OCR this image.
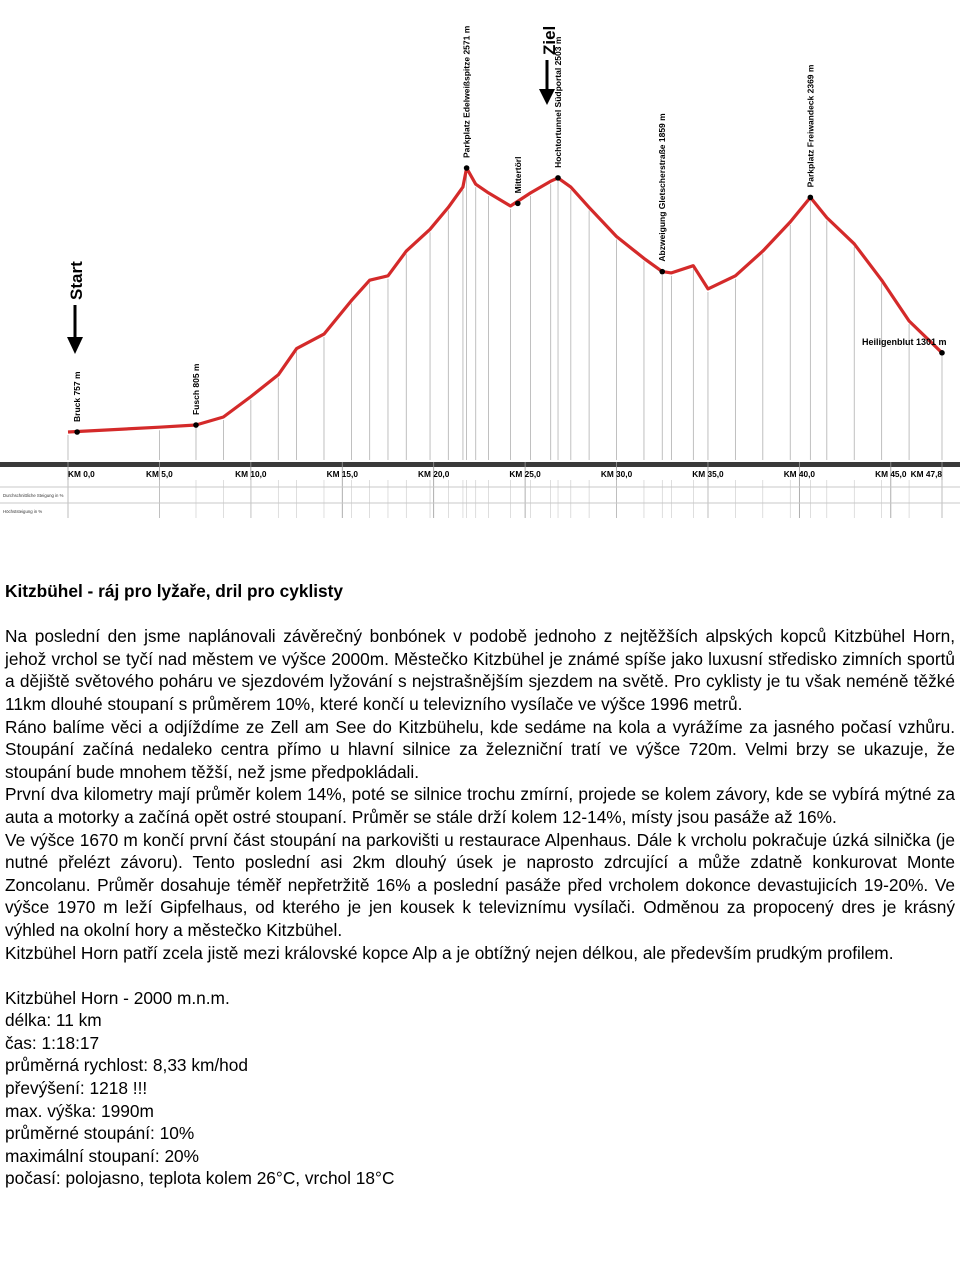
Bruck 757 m	Fusch 805 m
Parkplatz Edelweißspitze 2571 m
Mittertörl
Hochtortunnel Südportal 2503 m
Abzweigung Gletscherstraße 1859 m	Parkplatz Freiwandeck 2369 m
Heiligenblut 1301 m
Start
Ziel
KM 0,0	KM 5,0	KM 10,0	KM 15,0	KM 20,0	KM 25,0	KM 30,0	KM 35,0	KM 40,0	KM 45,0 KM 47,8
Durchschnittliche Steigung in %
Höchststeigung in %
Kitzbühel - ráj pro lyžaře, dril pro cyklisty

Na poslední den jsme naplánovali závěrečný bonbónek v podobě jednoho z nejtěžších alpských kopců Kitzbühel Horn, jehož vrchol se tyčí nad městem ve výšce 2000m. Městečko Kitzbühel je známé spíše jako luxusní středisko zimních sportů a dějiště světového poháru ve sjezdovém lyžování s nejstrašnějším sjezdem na světě. Pro cyklisty je tu však neméně těžké 11km dlouhé stoupaní s průměrem 10%, které končí u televizního vysílače ve výšce 1996 metrů.

Ráno balíme věci a odjíždíme ze Zell am See do Kitzbühelu, kde sedáme na kola a vyrážíme za jasného počasí vzhůru. Stoupání začíná nedaleko centra přímo u hlavní silnice za železniční tratí ve výšce 720m. Velmi brzy se ukazuje, že stoupání bude mnohem těžší, než jsme předpokládali.

První dva kilometry mají průměr kolem 14%, poté se silnice trochu zmírní, projede se kolem závory, kde se vybírá mýtné za auta a motorky a začíná opět ostré stoupaní. Průměr se stále drží kolem 12-14%, místy jsou pasáže až 16%.

Ve výšce 1670 m končí první část stoupání na parkovišti u restaurace Alpenhaus. Dále k vrcholu pokračuje úzká silnička (je nutné přelézt závoru). Tento poslední asi 2km dlouhý úsek je naprosto zdrcující a může zdatně konkurovat Monte Zoncolanu. Průměr dosahuje téměř nepřetržitě 16% a poslední pasáže před vrcholem dokonce devastujicích 19-20%. Ve výšce 1970 m leží Gipfelhaus, od kterého je jen kousek k televiznímu vysílači. Odměnou za propocený dres je krásný výhled na okolní hory a městečko Kitzbühel.

Kitzbühel Horn patří zcela jistě mezi královské kopce Alp a je obtížný nejen délkou, ale především prudkým profilem.

Kitzbühel Horn - 2000 m.n.m.
délka: 11 km
čas: 1:18:17
průměrná rychlost: 8,33 km/hod
převýšení: 1218 !!!
max. výška: 1990m
průměrné stoupání: 10%
maximální stoupaní: 20%
počasí: polojasno, teplota kolem 26°C, vrchol 18°C
